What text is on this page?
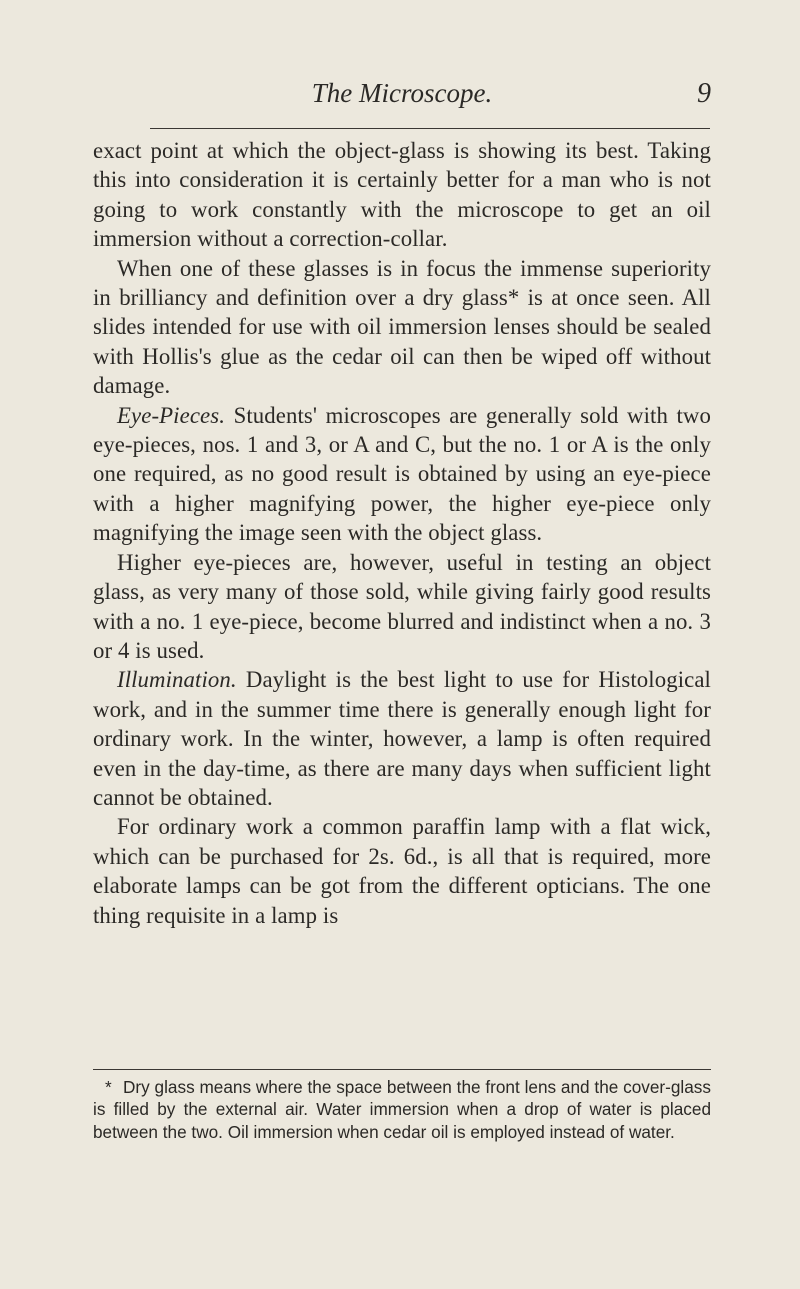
The Microscope.	9

exact point at which the object-glass is showing its best. Taking this into consideration it is certainly better for a man who is not going to work constantly with the microscope to get an oil immersion without a correction-collar.

When one of these glasses is in focus the immense superiority in brilliancy and definition over a dry glass* is at once seen. All slides intended for use with oil immersion lenses should be sealed with Hollis's glue as the cedar oil can then be wiped off without damage.

Eye-Pieces. Students' microscopes are generally sold with two eye-pieces, nos. 1 and 3, or A and C, but the no. 1 or A is the only one required, as no good result is obtained by using an eye-piece with a higher magnifying power, the higher eye-piece only magnifying the image seen with the object glass.

Higher eye-pieces are, however, useful in testing an object glass, as very many of those sold, while giving fairly good results with a no. 1 eye-piece, become blurred and indistinct when a no. 3 or 4 is used.

Illumination. Daylight is the best light to use for Histological work, and in the summer time there is generally enough light for ordinary work. In the winter, however, a lamp is often required even in the day-time, as there are many days when sufficient light cannot be obtained.

For ordinary work a common paraffin lamp with a flat wick, which can be purchased for 2s. 6d., is all that is required, more elaborate lamps can be got from the different opticians. The one thing requisite in a lamp is

* Dry glass means where the space between the front lens and the cover-glass is filled by the external air. Water immersion when a drop of water is placed between the two. Oil immersion when cedar oil is employed instead of water.
